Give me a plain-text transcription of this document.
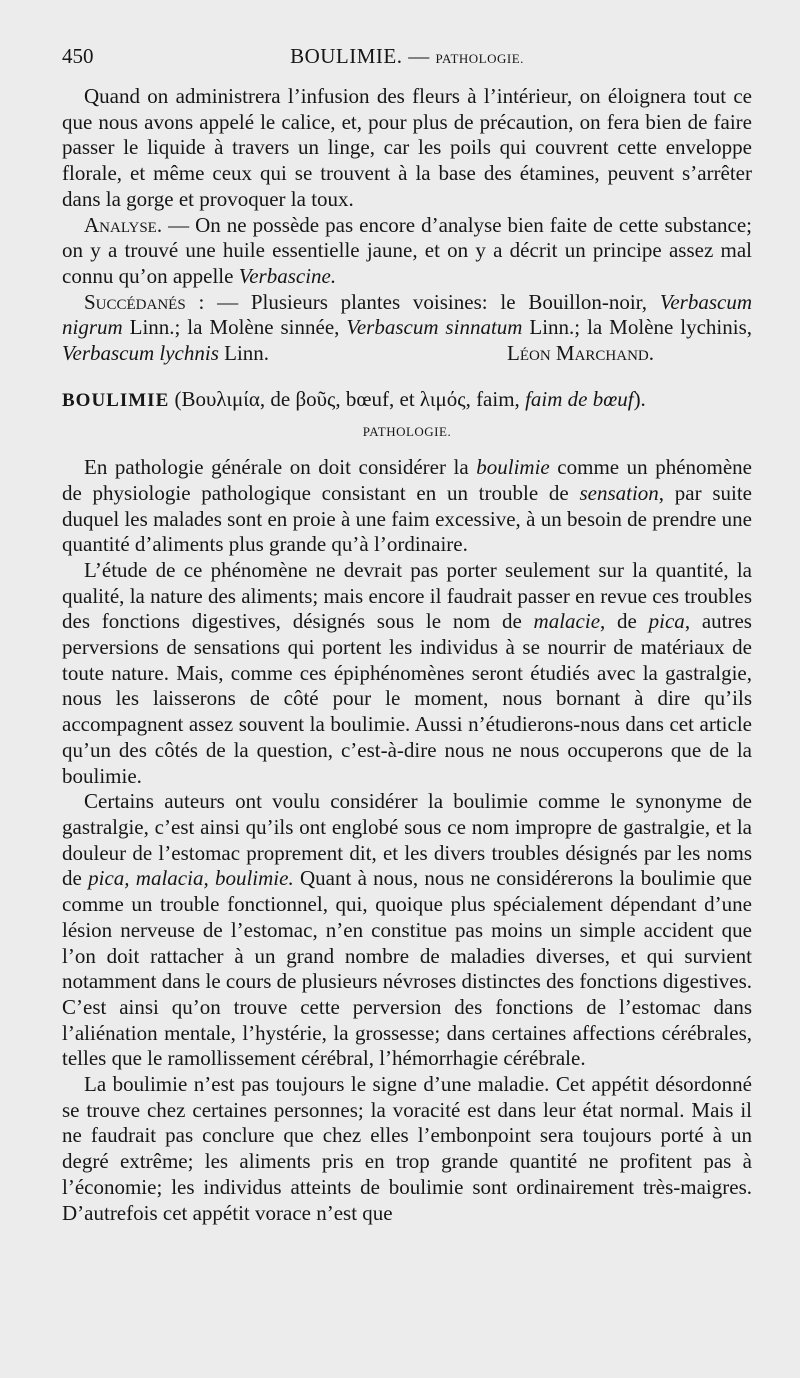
450	BOULIMIE. — PATHOLOGIE.

Quand on administrera l’infusion des fleurs à l’intérieur, on éloignera tout ce que nous avons appelé le calice, et, pour plus de précaution, on fera bien de faire passer le liquide à travers un linge, car les poils qui couvrent cette enveloppe florale, et même ceux qui se trouvent à la base des étamines, peuvent s’arrêter dans la gorge et provoquer la toux.

Analyse. — On ne possède pas encore d’analyse bien faite de cette substance; on y a trouvé une huile essentielle jaune, et on y a décrit un principe assez mal connu qu’on appelle Verbascine.

Succédanés : — Plusieurs plantes voisines: le Bouillon-noir, Verbascum nigrum Linn.; la Molène sinnée, Verbascum sinnatum Linn.; la Molène lychinis, Verbascum lychnis Linn.	Léon Marchand.

BOULIMIE (Βουλιμία, de βοῦς, bœuf, et λιμός, faim, faim de bœuf).

PATHOLOGIE.

En pathologie générale on doit considérer la boulimie comme un phénomène de physiologie pathologique consistant en un trouble de sensation, par suite duquel les malades sont en proie à une faim excessive, à un besoin de prendre une quantité d’aliments plus grande qu’à l’ordinaire.

L’étude de ce phénomène ne devrait pas porter seulement sur la quantité, la qualité, la nature des aliments; mais encore il faudrait passer en revue ces troubles des fonctions digestives, désignés sous le nom de malacie, de pica, autres perversions de sensations qui portent les individus à se nourrir de matériaux de toute nature. Mais, comme ces épiphénomènes seront étudiés avec la gastralgie, nous les laisserons de côté pour le moment, nous bornant à dire qu’ils accompagnent assez souvent la boulimie. Aussi n’étudierons-nous dans cet article qu’un des côtés de la question, c’est-à-dire nous ne nous occuperons que de la boulimie.

Certains auteurs ont voulu considérer la boulimie comme le synonyme de gastralgie, c’est ainsi qu’ils ont englobé sous ce nom impropre de gastralgie, et la douleur de l’estomac proprement dit, et les divers troubles désignés par les noms de pica, malacia, boulimie. Quant à nous, nous ne considérerons la boulimie que comme un trouble fonctionnel, qui, quoique plus spécialement dépendant d’une lésion nerveuse de l’estomac, n’en constitue pas moins un simple accident que l’on doit rattacher à un grand nombre de maladies diverses, et qui survient notamment dans le cours de plusieurs névroses distinctes des fonctions digestives. C’est ainsi qu’on trouve cette perversion des fonctions de l’estomac dans l’aliénation mentale, l’hystérie, la grossesse; dans certaines affections cérébrales, telles que le ramollissement cérébral, l’hémorrhagie cérébrale.

La boulimie n’est pas toujours le signe d’une maladie. Cet appétit désordonné se trouve chez certaines personnes; la voracité est dans leur état normal. Mais il ne faudrait pas conclure que chez elles l’embonpoint sera toujours porté à un degré extrême; les aliments pris en trop grande quantité ne profitent pas à l’économie; les individus atteints de boulimie sont ordinairement très-maigres. D’autrefois cet appétit vorace n’est que
